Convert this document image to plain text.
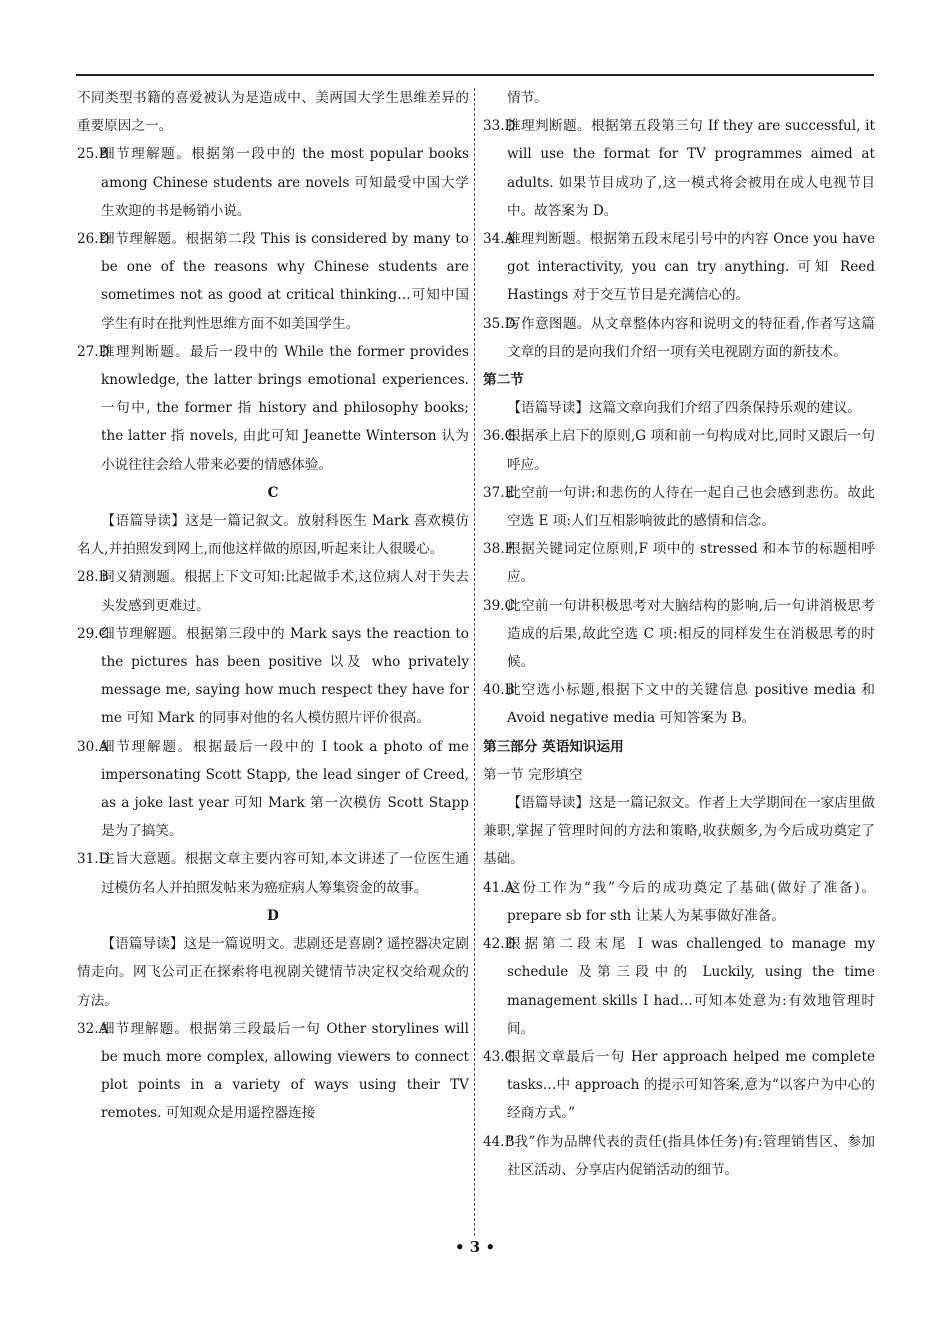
不同类型书籍的喜爱被认为是造成中、美两国大学生思维差异的重要原因之一。

25.B
细节理解题。根据第一段中的 the most popular books among Chinese students are novels 可知最受中国大学生欢迎的书是畅销小说。
26.D
细节理解题。根据第二段 This is considered by many to be one of the reasons why Chinese students are sometimes not as good at critical thinking…可知中国学生有时在批判性思维方面不如美国学生。
27.D
推理判断题。最后一段中的 While the former provides knowledge, the latter brings emotional experiences. 一句中, the former 指 history and philosophy books; the latter 指 novels, 由此可知 Jeanette Winterson 认为小说往往会给人带来必要的情感体验。

C

【语篇导读】这是一篇记叙文。放射科医生 Mark 喜欢模仿名人,并拍照发到网上,而他这样做的原因,听起来让人很暖心。

28.B
词义猜测题。根据上下文可知:比起做手术,这位病人对于失去头发感到更难过。
29.C
细节理解题。根据第三段中的 Mark says the reaction to the pictures has been positive 以及 who privately message me, saying how much respect they have for me 可知 Mark 的同事对他的名人模仿照片评价很高。
30.A
细节理解题。根据最后一段中的 I took a photo of me impersonating Scott Stapp, the lead singer of Creed, as a joke last year 可知 Mark 第一次模仿 Scott Stapp 是为了搞笑。
31.D
主旨大意题。根据文章主要内容可知,本文讲述了一位医生通过模仿名人并拍照发帖来为癌症病人筹集资金的故事。

D

【语篇导读】这是一篇说明文。悲剧还是喜剧? 遥控器决定剧情走向。网飞公司正在探索将电视剧关键情节决定权交给观众的方法。

32.A
细节理解题。根据第三段最后一句 Other storylines will be much more complex, allowing viewers to connect plot points in a variety of ways using their TV remotes. 可知观众是用遥控器连接

情节。

33.D
推理判断题。根据第五段第三句 If they are successful, it will use the format for TV programmes aimed at adults. 如果节目成功了,这一模式将会被用在成人电视节目中。故答案为 D。
34.A
推理判断题。根据第五段末尾引号中的内容 Once you have got interactivity, you can try anything. 可知 Reed Hastings 对于交互节目是充满信心的。
35.D
写作意图题。从文章整体内容和说明文的特征看,作者写这篇文章的目的是向我们介绍一项有关电视剧方面的新技术。

第二节

【语篇导读】这篇文章向我们介绍了四条保持乐观的建议。

36.G
根据承上启下的原则,G 项和前一句构成对比,同时又跟后一句呼应。
37.E
此空前一句讲:和悲伤的人待在一起自己也会感到悲伤。故此空选 E 项:人们互相影响彼此的感情和信念。
38.F
根据关键词定位原则,F 项中的 stressed 和本节的标题相呼应。
39.C
此空前一句讲积极思考对大脑结构的影响,后一句讲消极思考造成的后果,故此空选 C 项:相反的同样发生在消极思考的时候。
40.B
此空选小标题,根据下文中的关键信息 positive media 和 Avoid negative media 可知答案为 B。

第三部分 英语知识运用

第一节 完形填空

【语篇导读】这是一篇记叙文。作者上大学期间在一家店里做兼职,掌握了管理时间的方法和策略,收获颇多,为今后成功奠定了基础。

41.A
这份工作为“我”今后的成功奠定了基础(做好了准备)。prepare sb for sth 让某人为某事做好准备。
42.D
根据第二段末尾 I was challenged to manage my schedule 及第三段中的 Luckily, using the time management skills I had…可知本处意为:有效地管理时间。
43.C
根据文章最后一句 Her approach helped me complete tasks…中 approach 的提示可知答案,意为“以客户为中心的经商方式。”
44.B
“我”作为品牌代表的责任(指具体任务)有:管理销售区、参加社区活动、分享店内促销活动的细节。
• 3 •
